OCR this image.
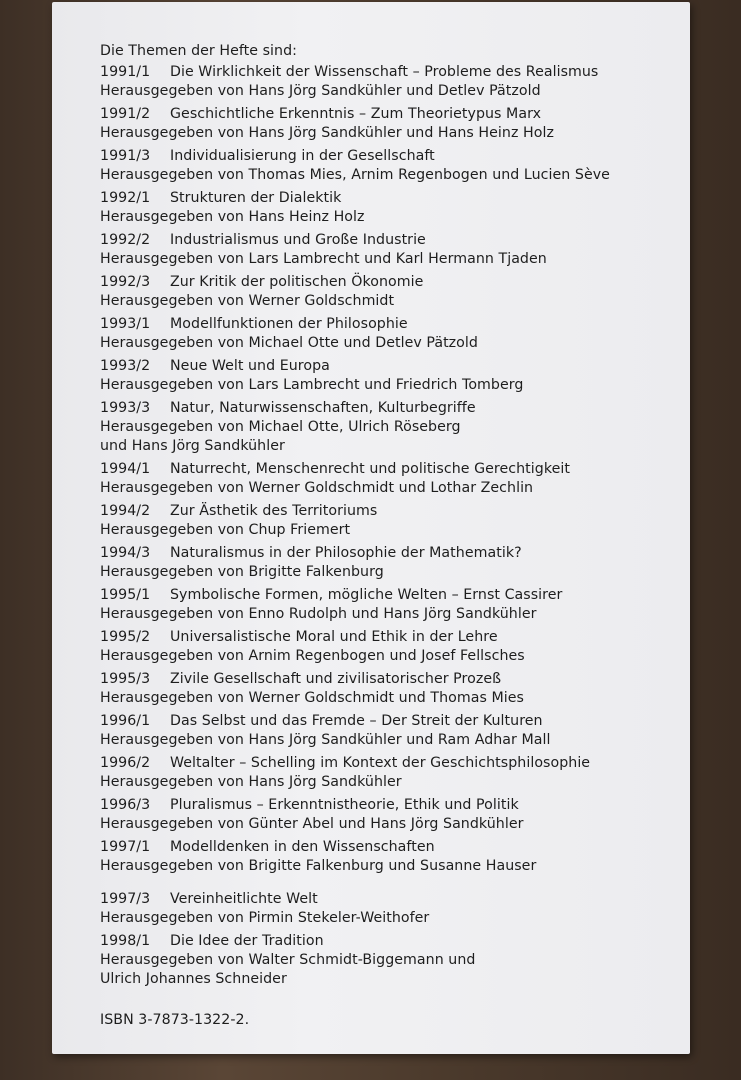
Die Themen der Hefte sind:
1991/1	Die Wirklichkeit der Wissenschaft – Probleme des Realismus
Herausgegeben von Hans Jörg Sandkühler und Detlev Pätzold
1991/2	Geschichtliche Erkenntnis – Zum Theorietypus Marx
Herausgegeben von Hans Jörg Sandkühler und Hans Heinz Holz
1991/3	Individualisierung in der Gesellschaft
Herausgegeben von Thomas Mies, Arnim Regenbogen und Lucien Sève
1992/1	Strukturen der Dialektik
Herausgegeben von Hans Heinz Holz
1992/2	Industrialismus und Große Industrie
Herausgegeben von Lars Lambrecht und Karl Hermann Tjaden
1992/3	Zur Kritik der politischen Ökonomie
Herausgegeben von Werner Goldschmidt
1993/1	Modellfunktionen der Philosophie
Herausgegeben von Michael Otte und Detlev Pätzold
1993/2	Neue Welt und Europa
Herausgegeben von Lars Lambrecht und Friedrich Tomberg
1993/3	Natur, Naturwissenschaften, Kulturbegriffe
Herausgegeben von Michael Otte, Ulrich Röseberg
und Hans Jörg Sandkühler
1994/1	Naturrecht, Menschenrecht und politische Gerechtigkeit
Herausgegeben von Werner Goldschmidt und Lothar Zechlin
1994/2	Zur Ästhetik des Territoriums
Herausgegeben von Chup Friemert
1994/3	Naturalismus in der Philosophie der Mathematik?
Herausgegeben von Brigitte Falkenburg
1995/1	Symbolische Formen, mögliche Welten – Ernst Cassirer
Herausgegeben von Enno Rudolph und Hans Jörg Sandkühler
1995/2	Universalistische Moral und Ethik in der Lehre
Herausgegeben von Arnim Regenbogen und Josef Fellsches
1995/3	Zivile Gesellschaft und zivilisatorischer Prozeß
Herausgegeben von Werner Goldschmidt und Thomas Mies
1996/1	Das Selbst und das Fremde – Der Streit der Kulturen
Herausgegeben von Hans Jörg Sandkühler und Ram Adhar Mall
1996/2	Weltalter – Schelling im Kontext der Geschichtsphilosophie
Herausgegeben von Hans Jörg Sandkühler
1996/3	Pluralismus – Erkenntnistheorie, Ethik und Politik
Herausgegeben von Günter Abel und Hans Jörg Sandkühler
1997/1	Modelldenken in den Wissenschaften
Herausgegeben von Brigitte Falkenburg und Susanne Hauser
1997/3	Vereinheitlichte Welt
Herausgegeben von Pirmin Stekeler-Weithofer
1998/1	Die Idee der Tradition
Herausgegeben von Walter Schmidt-Biggemann und
Ulrich Johannes Schneider
ISBN 3-7873-1322-2.
